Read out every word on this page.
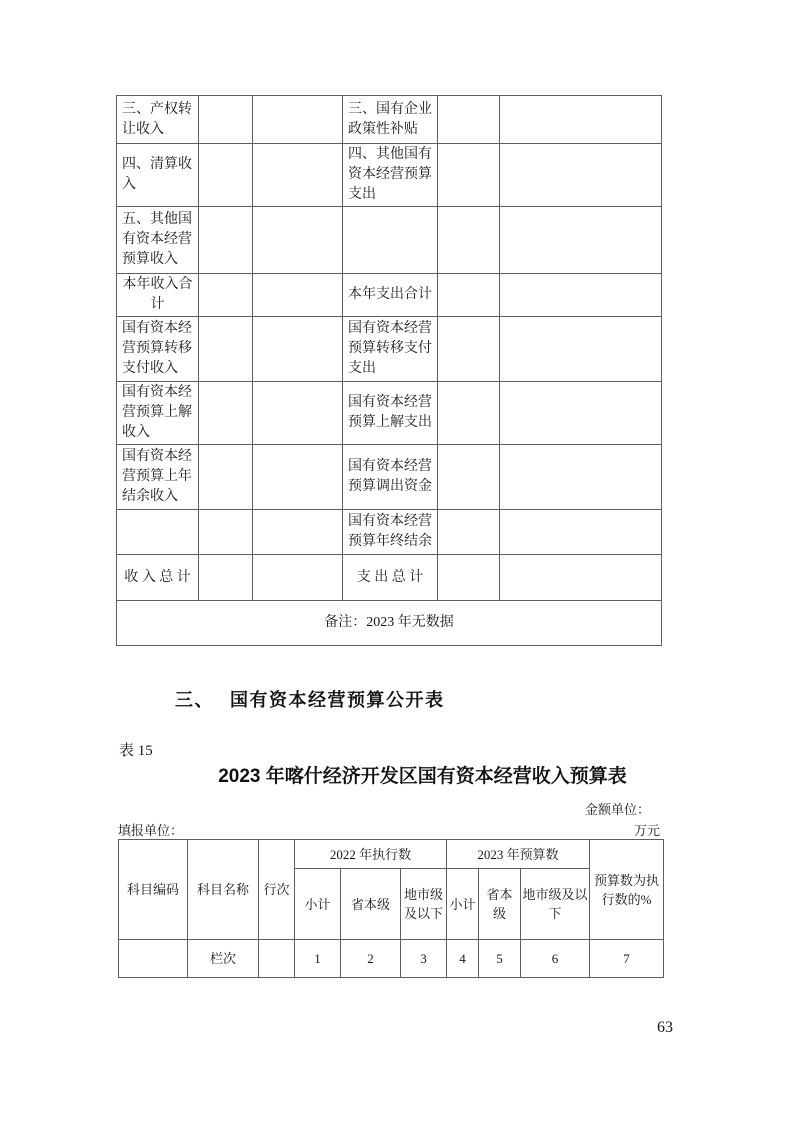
三、产权转让收入			三、国有企业政策性补贴		
四、清算收入			四、其他国有资本经营预算支出		
五、其他国有资本经营预算收入					
本年收入合计			本年支出合计		
国有资本经营预算转移支付收入			国有资本经营预算转移支付支出		
国有资本经营预算上解收入			国有资本经营预算上解支出		
国有资本经营预算上年结余收入			国有资本经营预算调出资金		
			国有资本经营预算年终结余		
收 入 总 计			支 出 总 计		
备注：2023 年无数据					
三、 国有资本经营预算公开表
表 15
2023 年喀什经济开发区国有资本经营收入预算表
金额单位：
填报单位：	万元
科目编码	科目名称	行次	2022 年执行数			2023 年预算数			预算数为执行数的%
			小计	省本级	地市级及以下	小计	省本级	地市级及以下	
	栏次		1	2	3	4	5	6	7
63
